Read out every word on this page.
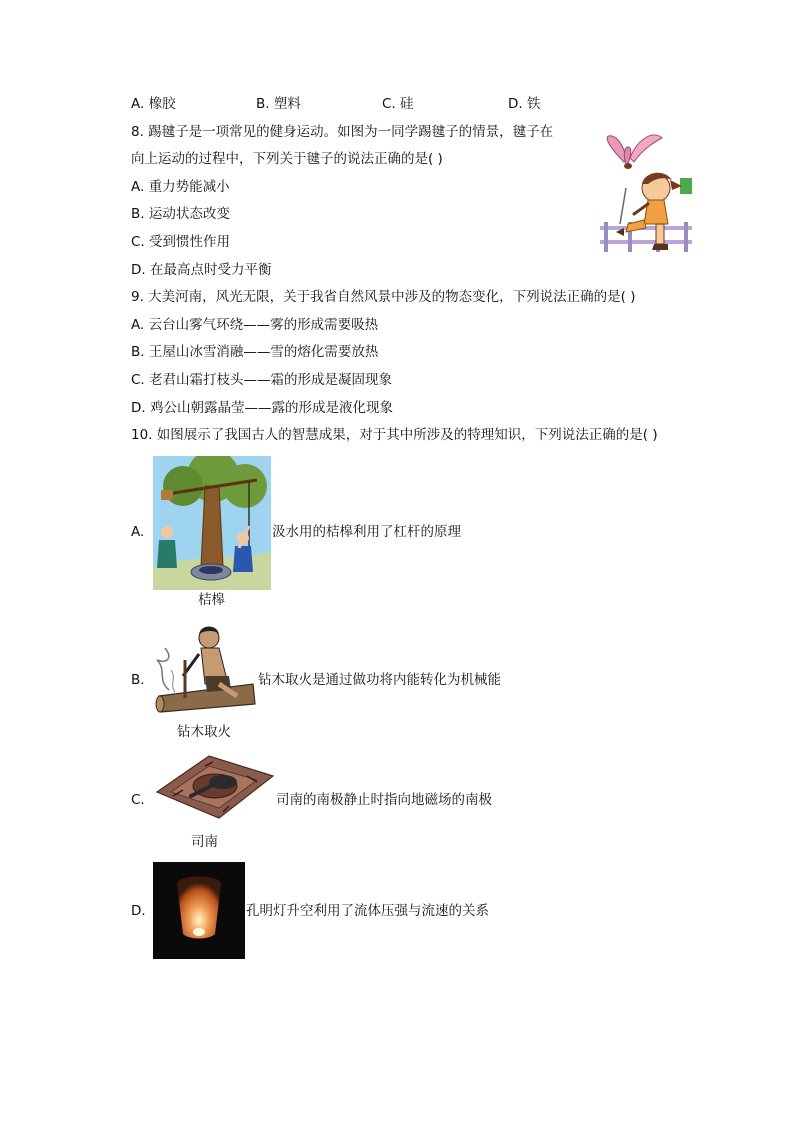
A. 橡胶	B. 塑料	C. 硅	D. 铁
8. 踢毽子是一项常见的健身运动。如图为一同学踢毽子的情景，毽子在
向上运动的过程中，下列关于毽子的说法正确的是( )
A. 重力势能减小
B. 运动状态改变
C. 受到惯性作用
D. 在最高点时受力平衡
9. 大美河南，风光无限，关于我省自然风景中涉及的物态变化，下列说法正确的是( )
A. 云台山雾气环绕——雾的形成需要吸热
B. 王屋山冰雪消融——雪的熔化需要放热
C. 老君山霜打枝头——霜的形成是凝固现象
D. 鸡公山朝露晶莹——露的形成是液化现象
10. 如图展示了我国古人的智慧成果，对于其中所涉及的特理知识，下列说法正确的是( )
A.	汲水用的桔槔利用了杠杆的原理
桔槔
B.	钻木取火是通过做功将内能转化为机械能
钻木取火
C.	司南的南极静止时指向地磁场的南极
司南
D.	孔明灯升空利用了流体压强与流速的关系
